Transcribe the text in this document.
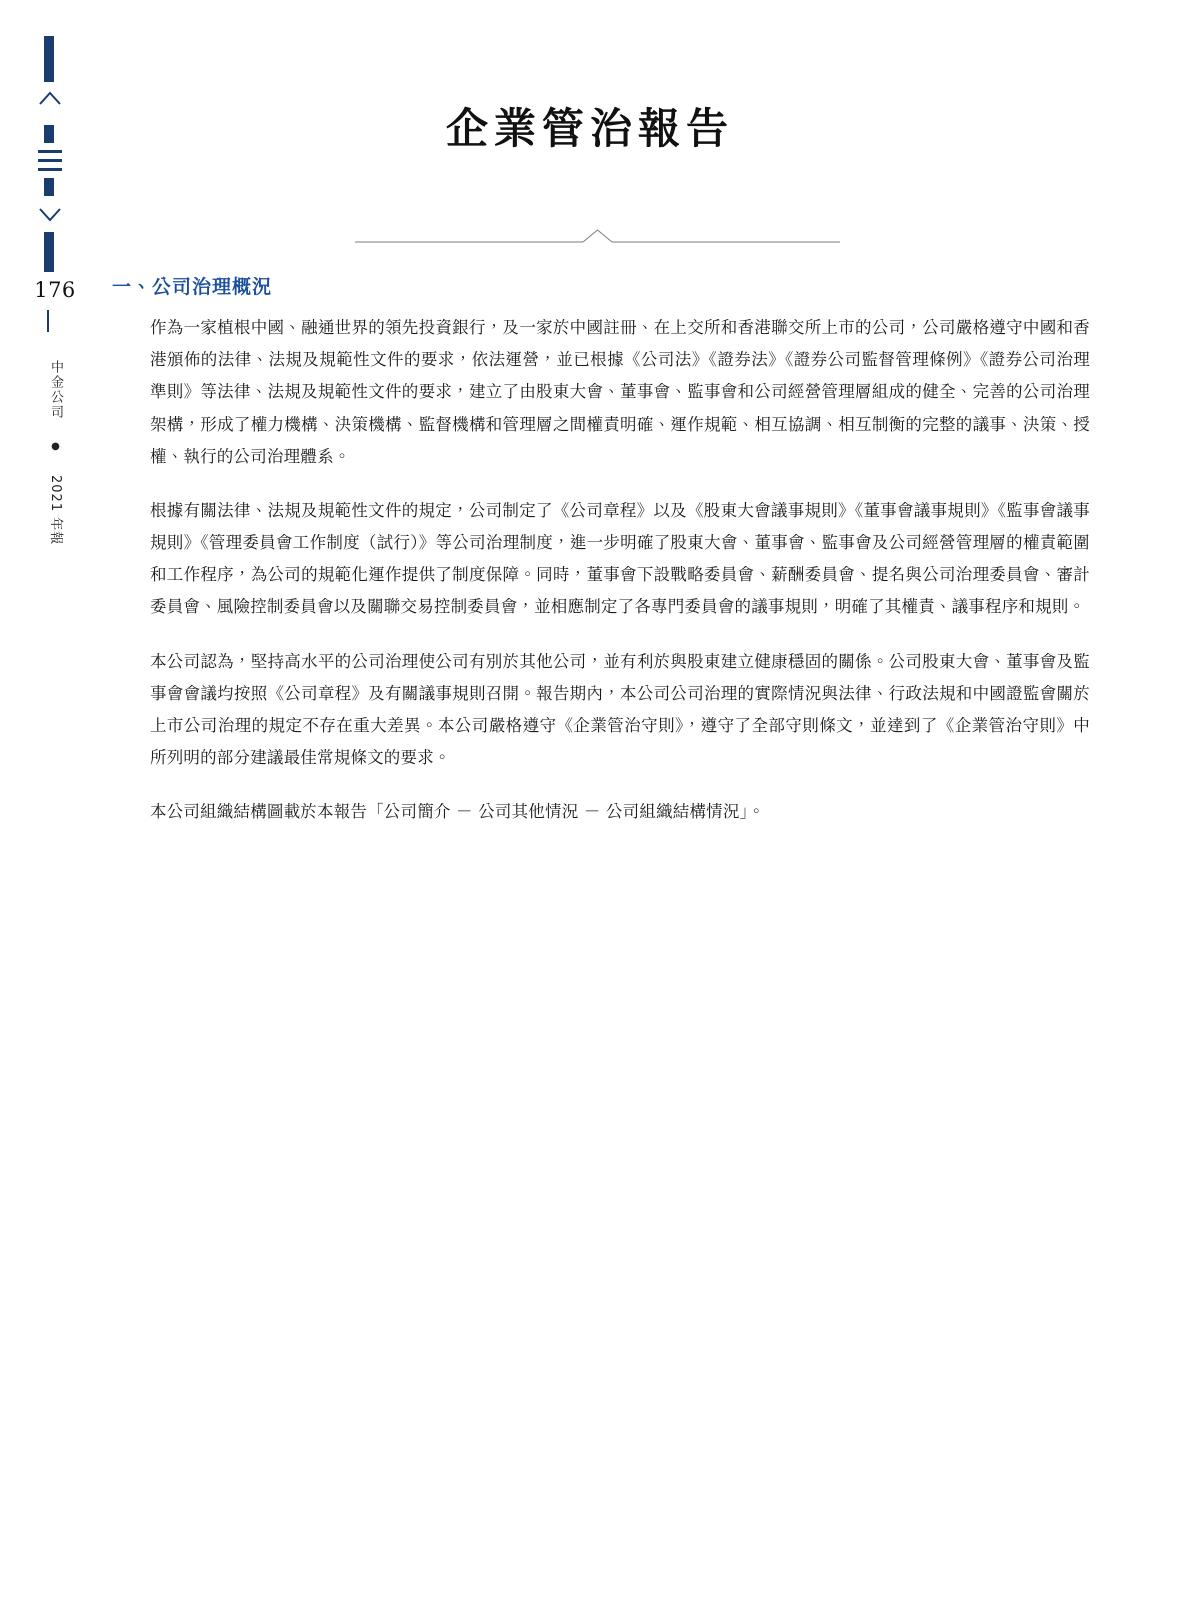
176
中金公司 ● 2021 年報
企業管治報告
一、公司治理概況

作為一家植根中國、融通世界的領先投資銀行，及一家於中國註冊、在上交所和香港聯交所上市的公司，公司嚴格遵守中國和香港頒佈的法律、法規及規範性文件的要求，依法運營，並已根據《公司法》《證券法》《證券公司監督管理條例》《證券公司治理準則》等法律、法規及規範性文件的要求，建立了由股東大會、董事會、監事會和公司經營管理層組成的健全、完善的公司治理架構，形成了權力機構、決策機構、監督機構和管理層之間權責明確、運作規範、相互協調、相互制衡的完整的議事、決策、授權、執行的公司治理體系。

根據有關法律、法規及規範性文件的規定，公司制定了《公司章程》以及《股東大會議事規則》《董事會議事規則》《監事會議事規則》《管理委員會工作制度（試行）》等公司治理制度，進一步明確了股東大會、董事會、監事會及公司經營管理層的權責範圍和工作程序，為公司的規範化運作提供了制度保障。同時，董事會下設戰略委員會、薪酬委員會、提名與公司治理委員會、審計委員會、風險控制委員會以及關聯交易控制委員會，並相應制定了各專門委員會的議事規則，明確了其權責、議事程序和規則。

本公司認為，堅持高水平的公司治理使公司有別於其他公司，並有利於與股東建立健康穩固的關係。公司股東大會、董事會及監事會會議均按照《公司章程》及有關議事規則召開。報告期內，本公司公司治理的實際情況與法律、行政法規和中國證監會關於上市公司治理的規定不存在重大差異。本公司嚴格遵守《企業管治守則》，遵守了全部守則條文，並達到了《企業管治守則》中所列明的部分建議最佳常規條文的要求。

本公司組織結構圖載於本報告「公司簡介 － 公司其他情況 － 公司組織結構情況」。
